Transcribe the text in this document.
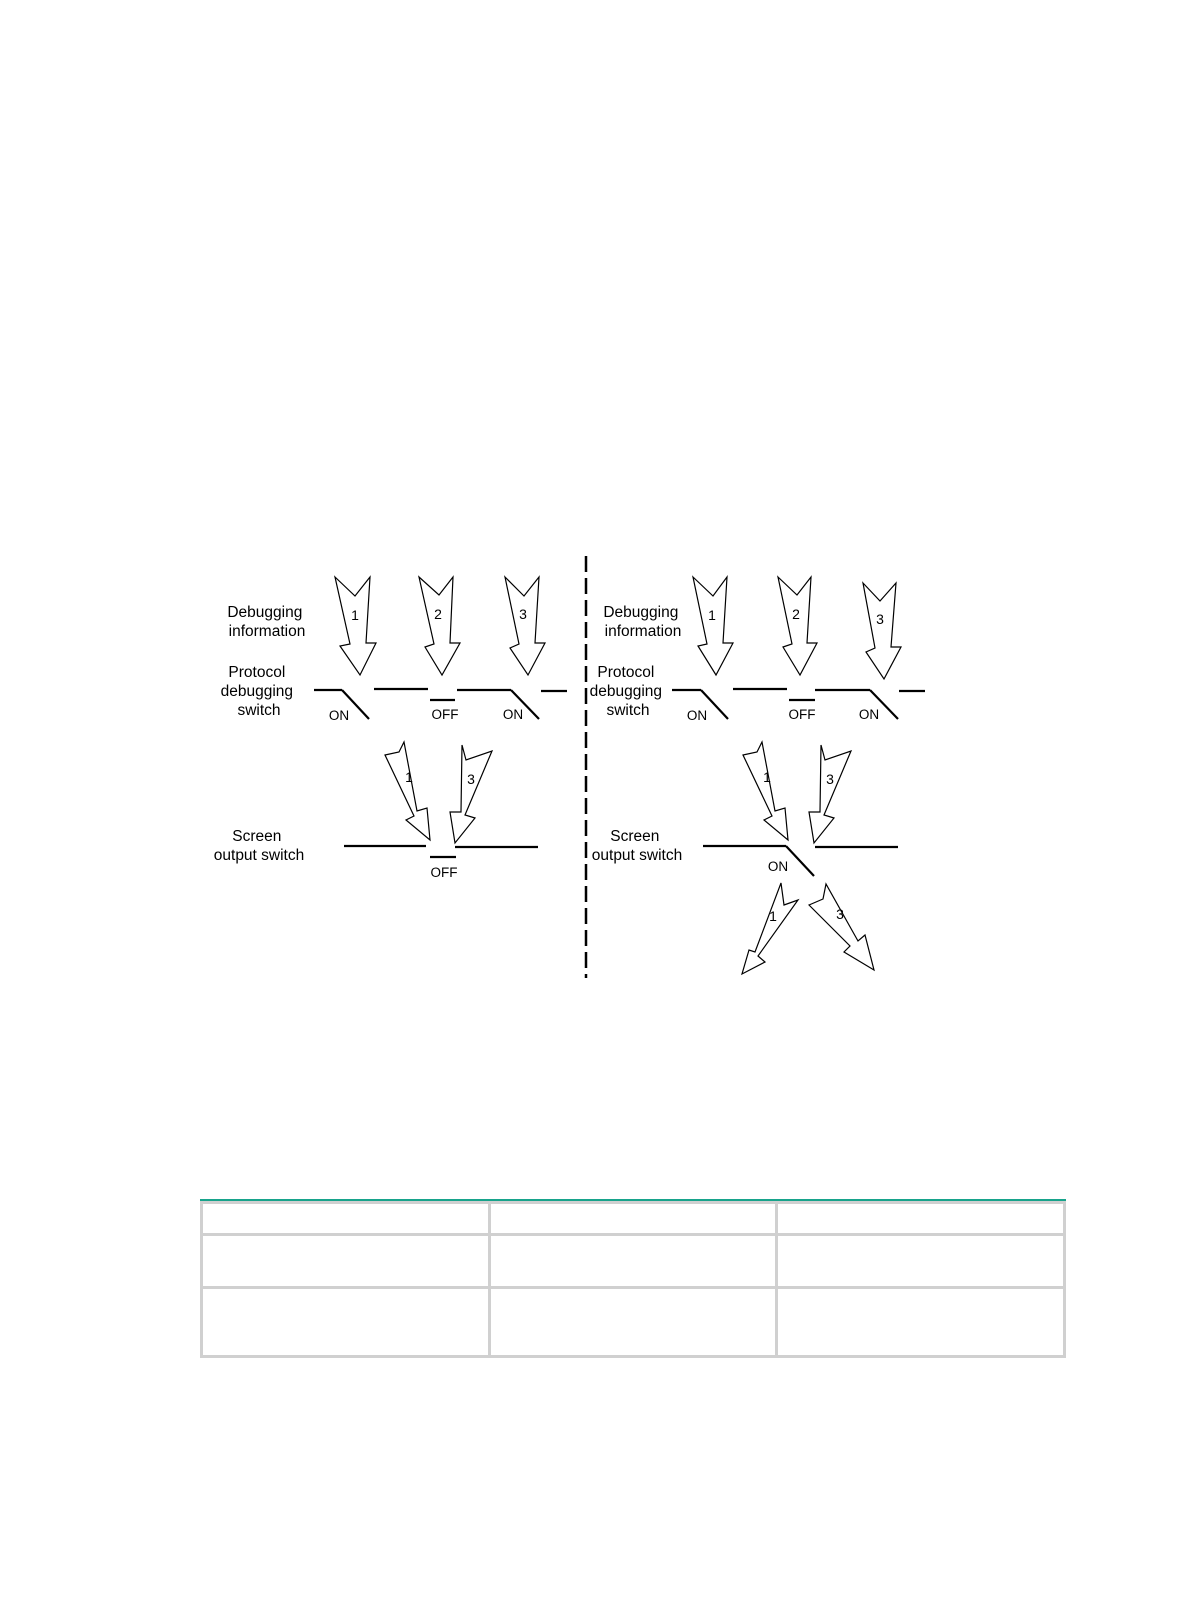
Debugging information
Protocol debugging switch
Screen output switch
1	2	3
ON	OFF	ON
1	3
OFF
Debugging information
Protocol debugging switch
Screen output switch
1	2	3
ON	OFF	ON
1	3
ON
1	3
